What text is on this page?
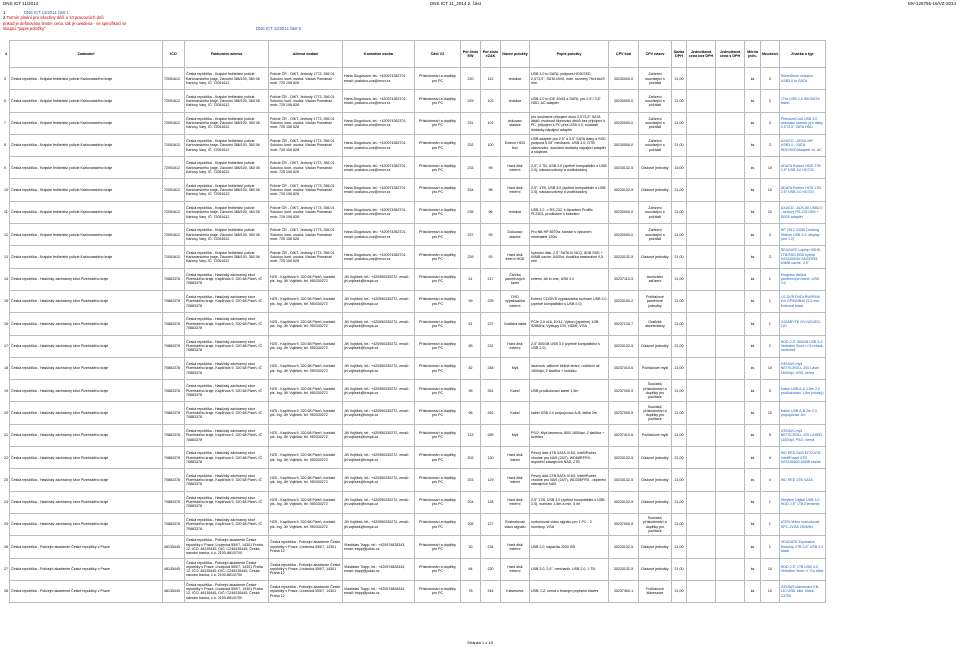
DNS ICT 11/2014	DNS ICT 11_2014 2. část	MV-126755-16/VZ-2014
1	DNS ICT 11/2014 část 1
2 Termín plnění pro všechny dílčí a 10 pracovních dnů
pokud je definována limitní cena, tak je uvedena - ve specifikaci ve
sloupci "popis položky"	DNS ICT 11/2014 část 5
4	Zadavatel	IČO	Fakturační adresa	Adresa dodání	Kontaktní osoba	Část VZ	Poř.číslo EW	Poř.číslo eZAK	Název položky	Popis položky	CPV kód	CPV název	Sazba DPH	Jednotková cena bez DPH	Jednotková cena s DPH	Měrná jedn.	Množství	Značka a typ
5	Česká republika - Krajské ředitelství policie Karlovarského kraje	72051612	Česká republika - Krajské ředitelství policie Karlovarského kraje, Závodní 386/100, 360 06 Karlovy Vary, IČ: 72051612	Policie ČR - OIKT, Jednoty 1773, 356 01 Sokolov, kont. osoba: Václav Pomahač mob: 725 106 828	Hana Dlugošová, tel.: +420974362701, email: pozkdvu-zvz@mvcr.cz	Příslušenství a doplňky pro PC	220	112	redukce	USB 3.0 to SATA, podpora HDD/SSD, 2,5"/3,5", SATA I/II/III, max. rozměry 76x16x29 mm	30230000-0	Zařízení související s počítači	21,00			ks	3	SilverStone redukce USB3.0 to SATA
6	Česká republika - Krajské ředitelství policie Karlovarského kraje	72051612	Česká republika - Krajské ředitelství policie Karlovarského kraje, Závodní 386/100, 360 06 Karlovy Vary, IČ: 72051612	Policie ČR - OIKT, Jednoty 1773, 356 01 Sokolov, kont. osoba: Václav Pomahač mob: 725 106 828	Hana Dlugošová, tel.: +420974362701, email: pozkdvu-zvz@mvcr.cz	Příslušenství a doplňky pro PC	229	103	redukce	USB 2.0 to IDE 40/44 a SATA, pro 2,5"/ 3,5" HDD, AC adaptér	30230000-0	Zařízení související s počítači	21,00			ks	3	i-Tec USB 2.0 IDE/SATA kabel
7	Česká republika - Krajské ředitelství policie Karlovarského kraje	72051612	Česká republika - Krajské ředitelství policie Karlovarského kraje, Závodní 386/100, 360 06 Karlovy Vary, IČ: 72051612	Policie ČR - OIKT, Jednoty 1773, 356 01 Sokolov, kont. osoba: Václav Pomahač mob: 725 106 828	Hana Dlugošová, tel.: +420974362701, email: pozkdvu-zvz@mvcr.cz	Příslušenství a doplňky pro PC	231	101	dokovací stanice	pro současné připojení dvou 2,5"/3,5" SATA disků, možnost klonování disků bez připojení k PC, připojení k PC přes USB 3.0, součástí dodávky napájecí adaptér	30230000-0	Zařízení související s počítači	21,00			ks	3	PremiumCord USB 3.0 dokovací stanice pro disky 2.5"/3.5" SATA HDD
8	Česká republika - Krajské ředitelství policie Karlovarského kraje	72051612	Česká republika - Krajské ředitelství policie Karlovarského kraje, Závodní 386/100, 360 06 Karlovy Vary, IČ: 72051612	Policie ČR - OIKT, Jednoty 1773, 356 01 Sokolov, kont. osoba: Václav Pomahač mob: 725 106 828	Hana Dlugošová, tel.: +420974362701, email: pozkdvu-zvz@mvcr.cz	Příslušenství a doplňky pro PC	232	100	Externí HDD box	USB adaptér pro 2,5" a 3,5" SATA disky a SSD, podpora 5,25" mechanik, USB 3.0, OTB zálohování, součástí dodávky napájecí adaptér a stojánek	30230000-0	Zařízení související s počítači	21,00			ks	3	AXAGO - ADSA-MP USB3.0 - SATA HDD/SSD/Adaptér vč. AC
9	Česká republika - Krajské ředitelství policie Karlovarského kraje	72051612	Česká republika - Krajské ředitelství policie Karlovarského kraje, Závodní 386/100, 360 06 Karlovy Vary, IČ: 72051612	Policie ČR - OIKT, Jednoty 1773, 356 01 Sokolov, kont. osoba: Václav Pomahač mob: 725 106 828	Hana Dlugošová, tel.: +420974362701, email: pozkdvu-zvz@mvcr.cz	Příslušenství a doplňky pro PC	233	99	Hard disk externí	2,5", 2 TB, USB 3.0 (zpětně kompatibilní s USB 2.0), nárazuvzdorný a vodědodolný	30233132-5	Diskové jednotky	15,00			ks	10	ADATA Externí HDD 2TB 2,5" USB 3.0 HD720
10	Česká republika - Krajské ředitelství policie Karlovarského kraje	72051612	Česká republika - Krajské ředitelství policie Karlovarského kraje, Závodní 386/100, 360 06 Karlovy Vary, IČ: 72051612	Policie ČR - OIKT, Jednoty 1773, 356 01 Sokolov, kont. osoba: Václav Pomahač mob: 725 106 828	Hana Dlugošová, tel.: +420974362701, email: pozkdvu-zvz@mvcr.cz	Příslušenství a doplňky pro PC	234	98	Hard disk externí	2,5", 1TB, USB 3.0 (zpětně kompatibilní s USB 2.0), nárazuvzdorný a vodědodolný	30233132-5	Diskové jednotky	21,00			ks	10	ADATA Externí HDD 1TB 2,5" USB 3.0 HD720
11	Česká republika - Krajské ředitelství policie Karlovarského kraje	72051612	Česká republika - Krajské ředitelství policie Karlovarského kraje, Závodní 386/100, 360 06 Karlovy Vary, IČ: 72051612	Policie ČR - OIKT, Jednoty 1773, 356 01 Sokolov, kont. osoba: Václav Pomahač mob: 725 106 828	Hana Dlugošová, tel.: +420974362701, email: pozkdvu-zvz@mvcr.cz	Příslušenství a doplňky pro PC	236	96	redukce	USB 2.0 -> RS-232, s čipsetem Prolific PL2303, prodlužení s kabelem	30230000-0	Zařízení související s počítači	21,00			ks	10	AXAGO - ADS-50 USB2.0 - sériový RS-232 DB9 + DB25 adaptér
12	Česká republika - Krajské ředitelství policie Karlovarského kraje	72051612	Česká republika - Krajské ředitelství policie Karlovarského kraje, Závodní 386/100, 360 06 Karlovy Vary, IČ: 72051612	Policie ČR - OIKT, Jednoty 1773, 356 01 Sokolov, kont. osoba: Václav Pomahač mob: 725 106 828	Hana Dlugošová, tel.: +420974362701, email: pozkdvu-zvz@mvcr.cz	Příslušenství a doplňky pro PC	237	95	Dokovací stanice	Pro NB HP 8570w, stanice s výkonem minimálně 120w	30230000-0	Zařízení související s počítači	21,00			ks	3	HP 2012 230W Docking Station USB 3.0, display port 1.2)
13	Česká republika - Krajské ředitelství policie Karlovarského kraje	72051612	Česká republika - Krajské ředitelství policie Karlovarského kraje, Závodní 386/100, 360 06 Karlovy Vary, IČ: 72051612	Policie ČR - OIKT, Jednoty 1773, 356 01 Sokolov, kont. osoba: Václav Pomahač mob: 725 106 828	Hana Dlugošová, tel.: +420974362701, email: pozkdvu-zvz@mvcr.cz	Příslušenství a doplňky pro PC	239	93	Hard disk interní HDD	hybridní disk, 2,5" SATA III NCQ, 8GB SSD + 64MB cache, 5400ot, tloušťka maximálně 9,5 mm	30233132-5	Diskové jednotky	21,00			ks	3	SEAGATE Laptop SSHD 1TB/SSD 8GB hybrid SATAIII/6Gb 5400RPM, 64MB cache, 2,5"
14	Česká republika - Hasičský záchranný sbor Plzeňského kraje	70883378	Česká republika - Hasičský záchranný sbor Plzeňského kraje, Kaplířova 9, 320 68 Plzeň, IČ 70883378	HZS - Kaplířova 9, 320 68 Plzeň, kontakt pls. Ing. Jiří Vojtíšek, tel. 950330272	Jiří Vojtíšek, tel.: +420950330272, email: jiri.vojtisek@hzspk.cz	Příslušenství a doplňky pro PC	51	217	Čtečka paměťových karet	externí, All in one, USB 3.0	30237110-3	Archivační zařízení	21,00			ks	1	Kingston čtečka paměťových karet, USB 3.0
15	Česká republika - Hasičský záchranný sbor Plzeňského kraje	70883378	Česká republika - Hasičský záchranný sbor Plzeňského kraje, Kaplířova 9, 320 68 Plzeň, IČ 70883378	HZS - Kaplířova 9, 320 68 Plzeň, kontakt pls. Ing. Jiří Vojtíšek, tel. 950330272	Jiří Vojtíšek, tel.: +420950330272, email: jiri.vojtisek@hzspk.cz	Příslušenství a doplňky pro PC	59	225	DVD vypalovačka externí	Externí CD/DVD vypalovačka rozhraní USB 3.0 (zpětně kompatibilní s USB 2.0)	30233100-2	Počítačové paměťové jednotky	21,00			ks	1	LG DVR DVD±RW/RAM Ext GP50NB40 (5.5 mm External black
16	Česká republika - Hasičský záchranný sbor Plzeňského kraje	70883378	Česká republika - Hasičský záchranný sbor Plzeňského kraje, Kaplířova 9, 320 68 Plzeň, IČ 70883378	HZS - Kaplířova 9, 320 68 Plzeň, kontakt pls. Ing. Jiří Vojtíšek, tel. 950330272	Jiří Vojtíšek, tel.: +420950330272, email: jiri.vojtisek@hzspk.cz	Příslušenství a doplňky pro PC	61	227	Grafická karta	PCIe 2.0 x16, DX11, Výkon (pipeline) 1GB 928MHz, Výstupy DVI, HDMI, VGA	30237134-7	Grafické akcelerátory	21,00			ks	1	GIGABYTE GV-N210D3-1GI
17	Česká republika - Hasičský záchranný sbor Plzeňského kraje	70883378	Česká republika - Hasičský záchranný sbor Plzeňského kraje, Kaplířova 9, 320 68 Plzeň, IČ 70883378	HZS - Kaplířova 9, 320 68 Plzeň, kontakt pls. Ing. Jiří Vojtíšek, tel. 950330272	Jiří Vojtíšek, tel.: +420950330272, email: jiri.vojtisek@hzspk.cz	Příslušenství a doplňky pro PC	65	231	Hard disk externí	2,5" 500GB USB 3.0 (zpětně kompatibilní s USB 2.0)	30233132-5	Diskové jednotky	21,00			ks	2	HDD 2.5" 500GB USB 3.0 Verbatim Store n Go black, hardshell
18	Česká republika - Hasičský záchranný sbor Plzeňského kraje	70883378	Česká republika - Hasičský záchranný sbor Plzeňského kraje, Kaplířova 9, 320 68 Plzeň, IČ 70883378	HZS - Kaplířova 9, 320 68 Plzeň, kontakt pls. Ing. Jiří Vojtíšek, tel. 950330272	Jiří Vojtíšek, tel.: +420950330272, email: jiri.vojtisek@hzspk.cz	Příslušenství a doplňky pro PC	82	248	Myš	laserová, válkové běžné strání, rozlišení až 1600dpi, 2 tlačítka + kolečko	30237410-6	Počítačové myši	21,00			ks	10	GENIUS myš NETSCROLL 200 Laser, 1600dpi, USB, černá
19	Česká republika - Hasičský záchranný sbor Plzeňského kraje	70883378	Česká republika - Hasičský záchranný sbor Plzeňského kraje, Kaplířova 9, 320 68 Plzeň, IČ 70883378	HZS - Kaplířova 9, 320 68 Plzeň, kontakt pls. Ing. Jiří Vojtíšek, tel. 950330272	Jiří Vojtíšek, tel.: +420950330272, email: jiri.vojtisek@hzspk.cz	Příslušenství a doplňky pro PC	95	261	Kabel	USB prodlužovací kabel 1,5m	30237000-9	Součásti, příslušenství a doplňky pro počítače	21,00			ks	5	Kabel USB A-A 1.8m 2.0 prodlužovací 1.8m (modrý)
20	Česká republika - Hasičský záchranný sbor Plzeňského kraje	70883378	Česká republika - Hasičský záchranný sbor Plzeňského kraje, Kaplířova 9, 320 68 Plzeň, IČ 70883378	HZS - Kaplířova 9, 320 68 Plzeň, kontakt pls. Ing. Jiří Vojtíšek, tel. 950330272	Jiří Vojtíšek, tel.: +420950330272, email: jiri.vojtisek@hzspk.cz	Příslušenství a doplňky pro PC	96	262	Kabel	kabel USB 2.0 propojovací A-B, délka 2m	30237000-9	Součásti, příslušenství a doplňky pro počítače	21,00			ks	10	Kabel USB A-B 2m 2.0 propojovací 2m
21	Česká republika - Hasičský záchranný sbor Plzeňského kraje	70883378	Česká republika - Hasičský záchranný sbor Plzeňského kraje, Kaplířova 9, 320 68 Plzeň, IČ 70883378	HZS - Kaplířova 9, 320 68 Plzeň, kontakt pls. Ing. Jiří Vojtíšek, tel. 950330272	Jiří Vojtíšek, tel.: +420950330272, email: jiri.vojtisek@hzspk.cz	Příslušenství a doplňky pro PC	123	289	Myš	PS/2, Myš laserová, 800/ 1600dpi, 2 tlačítka + kolečko	30237410-6	Počítačové myši	21,00			ks	5	GENIUS myš NETSCROLL 200 LASER, 1600dpi, PS/2, černá
22	Česká republika - Hasičský záchranný sbor Plzeňského kraje	70883378	Česká republika - Hasičský záchranný sbor Plzeňského kraje, Kaplířova 9, 320 68 Plzeň, IČ 70883378	HZS - Kaplířova 9, 320 68 Plzeň, kontakt pls. Ing. Jiří Vojtíšek, tel. 950330272	Jiří Vojtíšek, tel.: +420950330272, email: jiri.vojtisek@hzspk.cz	Příslušenství a doplňky pro PC	202	130	Hard disk interní	Pevný disk 4TB SATA III 6G, IntelliPower, vhodné pro NAS (24/7), WD6ØEFRX - doplnění stávajících NAS, 2TB	30233132-5	Diskové jednotky	21,00			ks	4	WD RED NAS EFZX4TB IntelliPower 6TB SATAIII/600 64MB cache
23	Česká republika - Hasičský záchranný sbor Plzeňského kraje	70883378	Česká republika - Hasičský záchranný sbor Plzeňského kraje, Kaplířova 9, 320 68 Plzeň, IČ 70883378	HZS - Kaplířova 9, 320 68 Plzeň, kontakt pls. Ing. Jiří Vojtíšek, tel. 950330272	Jiří Vojtíšek, tel.: +420950330272, email: jiri.vojtisek@hzspk.cz	Příslušenství a doplňky pro PC	203	129	Hard disk interní	Pevný disk 2TB SATA III 6G, IntelliPower, vhodné pro NAS (24/7), WD30EFRX - doplnění stávajících NAS	30233132-5	Diskové jednotky	21,00			ks	4	WD RED 3TB SATA
24	Česká republika - Hasičský záchranný sbor Plzeňského kraje	70883378	Česká republika - Hasičský záchranný sbor Plzeňského kraje, Kaplířova 9, 320 68 Plzeň, IČ 70883378	HZS - Kaplířova 9, 320 68 Plzeň, kontakt pls. Ing. Jiří Vojtíšek, tel. 950330272	Jiří Vojtíšek, tel.: +420950330272, email: jiri.vojtisek@hzspk.cz	Příslušenství a doplňky pro PC	204	128	Hard disk externí	2,5" 1TB, USB 3.0 (zpětně kompatibilní s USB 2.0), rozhraní 1,8m a min. 5 let	30233132-5	Diskové jednotky	21,00			ks	1	Western Digital USB 3.0 HDD 2,5" 1TB Elements
25	Česká republika - Hasičský záchranný sbor Plzeňského kraje	70883378	Česká republika - Hasičský záchranný sbor Plzeňského kraje, Kaplířova 9, 320 68 Plzeň, IČ 70883378	HZS - Kaplířova 9, 320 68 Plzeň, kontakt pls. Ing. Jiří Vojtíšek, tel. 950330272	Jiří Vojtíšek, tel.: +420950330272, email: jiri.vojtisek@hzspk.cz	Příslušenství a doplňky pro PC	205	127	Rozbočovač video signálu	rozbočovač video signálu pro 1 PC - 2 monitory, VGA	30237000-9	Součásti, příslušenství a doplňky pro počítače	21,00			ks	1	ATEN Video rozbočovač SPC-2VGA 250MHz
26	Česká republika - Policejní akademie České republiky v Praze	48135445	Česká republika - Policejní akademie České republiky v Praze, Lhotecká 559/7, 14301 Praha 12, IČO: 48135445, DIČ: CZ48135445, Česká národní banka, č.ú. 2100-881/0700	Česká republika - Policejní akademie České republiky v Praze, Lhotecká 559/7, 14301 Praha 12	Vlastislav Trapp, tel.: +420974828343, email: trapp@polac.cz	Příslušenství a doplňky pro PC	30	234	Hard disk externí	USB 3.0, kapacita 2000 GB	30233132-5	Diskové jednotky	21,00			ks	1	SEAGATE Expansion Desktop 2TB 3,5" USB 3.0 black
27	Česká republika - Policejní akademie České republiky v Praze	48135445	Česká republika - Policejní akademie České republiky v Praze, Lhotecká 559/7, 14301 Praha 12, IČO: 48135445, DIČ: CZ48135445, Česká národní banka, č.ú. 2100-881/0700	Česká republika - Policejní akademie České republiky v Praze, Lhotecká 559/7, 14301 Praha 12	Vlastislav Trapp, tel.: +420974828343, email: trapp@polac.cz	Příslušenství a doplňky pro PC	64	230	Hard disk externí	USB 3.0, 2,5", mechanik, USB 2.0, 1 TB	30233132-5	Diskové jednotky	21,00			ks	10	HDD 2.5" 1TB USB 3.0 Verbatim Store 'n' Go Ultra
28	Česká republika - Policejní akademie České republiky v Praze	48135445	Česká republika - Policejní akademie České republiky v Praze, Lhotecká 559/7, 14301 Praha 12, IČO: 48135445, DIČ: CZ48135445, Česká národní banka, č.ú. 2100-881/0700	Česká republika - Policejní akademie České republiky v Praze, Lhotecká 559/7, 14301 Praha 12	Vlastislav Trapp, tel.: +420974828343, email: trapp@polac.cz	Příslušenství a doplňky pro PC	78	244	Klávesnice	USB, CZ, černá s tmavým popisem kláves	30237460-1	Počítačové klávesnice	21,00			ks	10	GENIUS klávesnice KB-110 USB, slim, black, CZ/SK
Stránka 1 z 19
